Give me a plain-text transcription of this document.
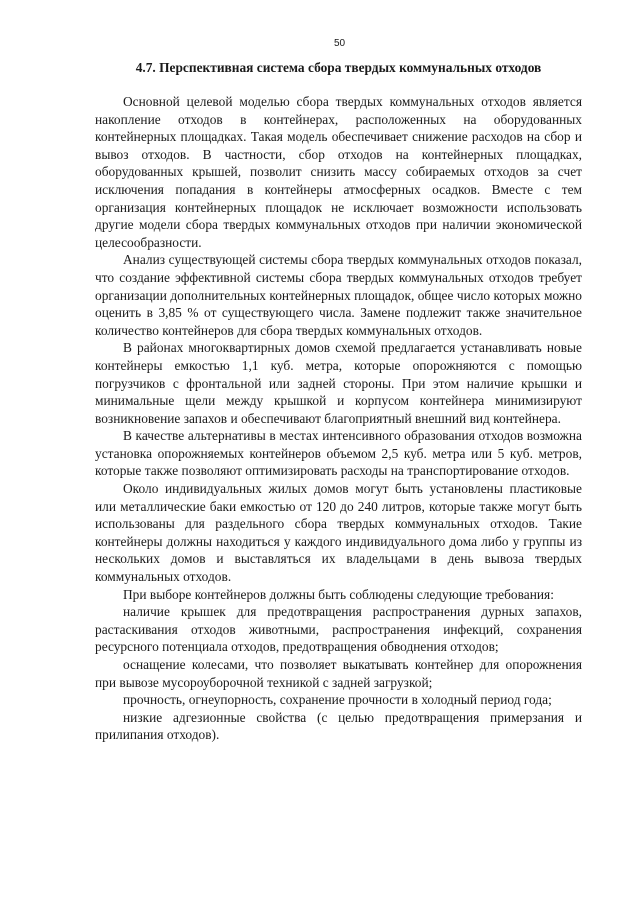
50
4.7. Перспективная система сбора твердых коммунальных отходов

Основной целевой моделью сбора твердых коммунальных отходов является накопление отходов в контейнерах, расположенных на оборудованных контейнерных площадках. Такая модель обеспечивает снижение расходов на сбор и вывоз отходов. В частности, сбор отходов на контейнерных площадках, оборудованных крышей, позволит снизить массу собираемых отходов за счет исключения попадания в контейнеры атмосферных осадков. Вместе с тем организация контейнерных площадок не исключает возможности использовать другие модели сбора твердых коммунальных отходов при наличии экономической целесообразности.

Анализ существующей системы сбора твердых коммунальных отходов показал, что создание эффективной системы сбора твердых коммунальных отходов требует организации дополнительных контейнерных площадок, общее число которых можно оценить в 3,85 % от существующего числа. Замене подлежит также значительное количество контейнеров для сбора твердых коммунальных отходов.

В районах многоквартирных домов схемой предлагается устанавливать новые контейнеры емкостью 1,1 куб. метра, которые опорожняются с помощью погрузчиков с фронтальной или задней стороны. При этом наличие крышки и минимальные щели между крышкой и корпусом контейнера минимизируют возникновение запахов и обеспечивают благоприятный внешний вид контейнера.

В качестве альтернативы в местах интенсивного образования отходов возможна установка опорожняемых контейнеров объемом 2,5 куб. метра или 5 куб. метров, которые также позволяют оптимизировать расходы на транспортирование отходов.

Около индивидуальных жилых домов могут быть установлены пластиковые или металлические баки емкостью от 120 до 240 литров, которые также могут быть использованы для раздельного сбора твердых коммунальных отходов. Такие контейнеры должны находиться у каждого индивидуального дома либо у группы из нескольких домов и выставляться их владельцами в день вывоза твердых коммунальных отходов.

При выборе контейнеров должны быть соблюдены следующие требования:

наличие крышек для предотвращения распространения дурных запахов, растаскивания отходов животными, распространения инфекций, сохранения ресурсного потенциала отходов, предотвращения обводнения отходов;

оснащение колесами, что позволяет выкатывать контейнер для опорожнения при вывозе мусороуборочной техникой с задней загрузкой;

прочность, огнеупорность, сохранение прочности в холодный период года;

низкие адгезионные свойства (с целью предотвращения примерзания и прилипания отходов).
